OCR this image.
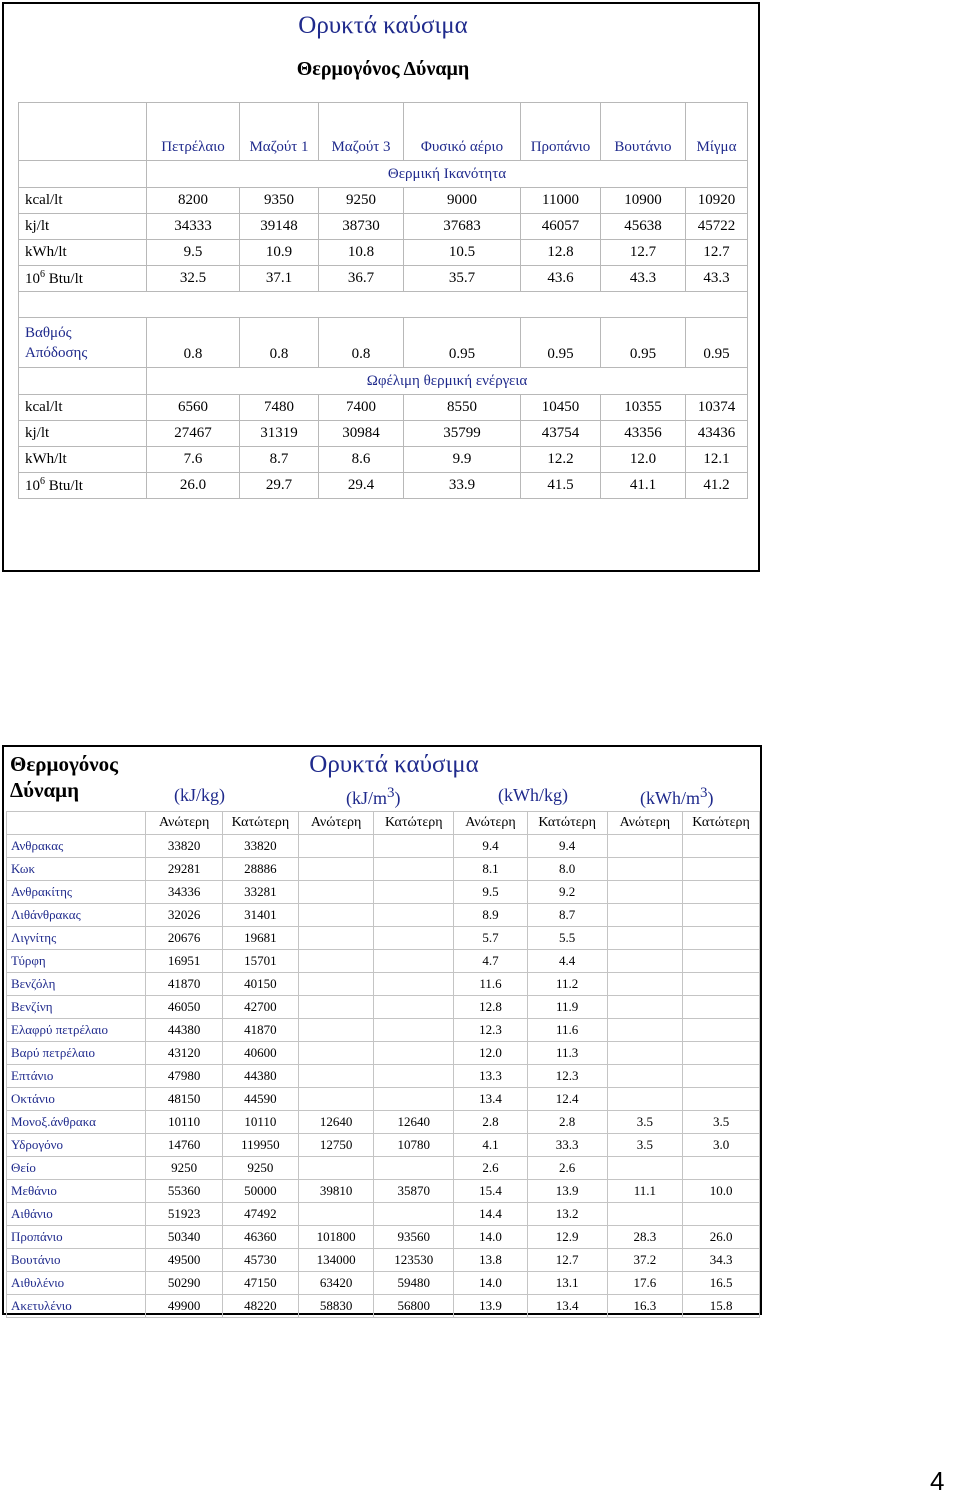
Ορυκτά καύσιμα
Θερμογόνος Δύναμη
	Πετρέλαιο	Μαζούτ 1	Μαζούτ 3	Φυσικό αέριο	Προπάνιο	Βουτάνιο	Μίγμα
	Θερμική Ικανότητα						
kcal/lt	8200	9350	9250	9000	11000	10900	10920
kj/lt	34333	39148	38730	37683	46057	45638	45722
kWh/lt	9.5	10.9	10.8	10.5	12.8	12.7	12.7
$10^6$ Btu/lt	32.5	37.1	36.7	35.7	43.6	43.3	43.3

Βαθμός
Απόδοσης	0.8	0.8	0.8	0.95	0.95	0.95	0.95
	Ωφέλιμη θερμική ενέργεια						
kcal/lt	6560	7480	7400	8550	10450	10355	10374
kj/lt	27467	31319	30984	35799	43754	43356	43436
kWh/lt	7.6	8.7	8.6	9.9	12.2	12.0	12.1
$10^6$ Btu/lt	26.0	29.7	29.4	33.9	41.5	41.1	41.2
Θερμογόνος
Δύναμη
Ορυκτά καύσιμα
(kJ/kg)	$(kJ/m^3)$	(kWh/kg)	$(kWh/m^3)$
	Ανώτερη	Κατώτερη	Ανώτερη	Κατώτερη	Ανώτερη	Κατώτερη	Ανώτερη	Κατώτερη
Ανθρακας	33820	33820			9.4	9.4		
Κωκ	29281	28886			8.1	8.0		
Ανθρακίτης	34336	33281			9.5	9.2		
Λιθάνθρακας	32026	31401			8.9	8.7		
Λιγνίτης	20676	19681			5.7	5.5		
Τύρφη	16951	15701			4.7	4.4		
Βενζόλη	41870	40150			11.6	11.2		
Βενζίνη	46050	42700			12.8	11.9		
Ελαφρύ πετρέλαιο	44380	41870			12.3	11.6		
Βαρύ πετρέλαιο	43120	40600			12.0	11.3		
Επτάνιο	47980	44380			13.3	12.3		
Οκτάνιο	48150	44590			13.4	12.4		
Μονοξ.άνθρακα	10110	10110	12640	12640	2.8	2.8	3.5	3.5
Υδρογόνο	14760	119950	12750	10780	4.1	33.3	3.5	3.0
Θείο	9250	9250			2.6	2.6		
Μεθάνιο	55360	50000	39810	35870	15.4	13.9	11.1	10.0
Αιθάνιο	51923	47492			14.4	13.2		
Προπάνιο	50340	46360	101800	93560	14.0	12.9	28.3	26.0
Βουτάνιο	49500	45730	134000	123530	13.8	12.7	37.2	34.3
Αιθυλένιο	50290	47150	63420	59480	14.0	13.1	17.6	16.5
Ακετυλένιο	49900	48220	58830	56800	13.9	13.4	16.3	15.8
4
